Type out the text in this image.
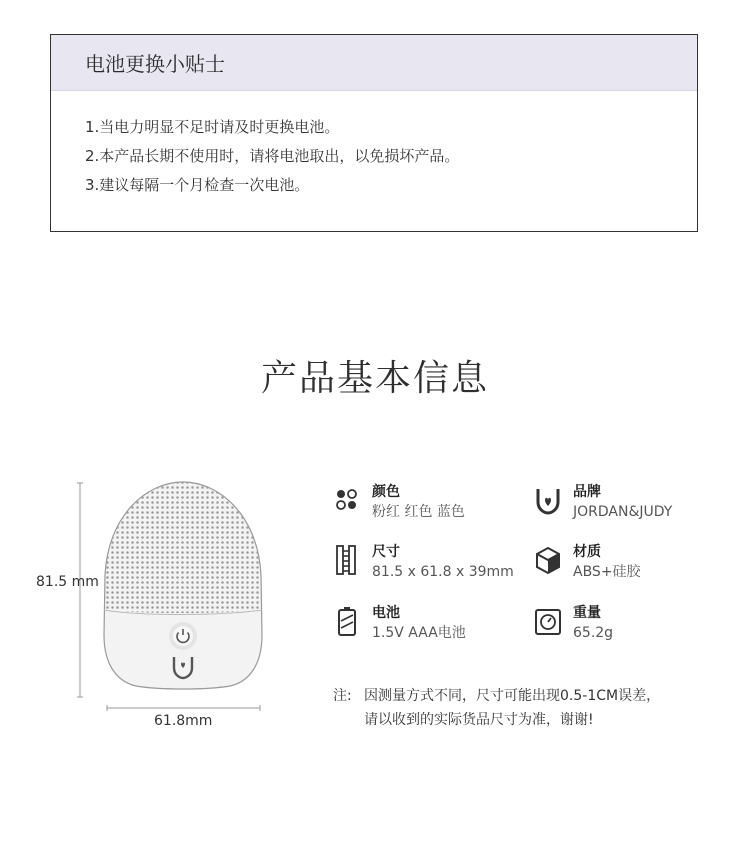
电池更换小贴士
1.当电力明显不足时请及时更换电池。
2.本产品长期不使用时，请将电池取出，以免损坏产品。
3.建议每隔一个月检查一次电池。
产品基本信息
81.5 mm
61.8mm
颜色
粉红 红色 蓝色
品牌
JORDAN&JUDY
尺寸
81.5 x 61.8 x 39mm
材质
ABS+硅胶
电池
1.5V AAA电池
重量
65.2g
注: 因测量方式不同，尺寸可能出现0.5-1CM误差，
请以收到的实际货品尺寸为准，谢谢!
